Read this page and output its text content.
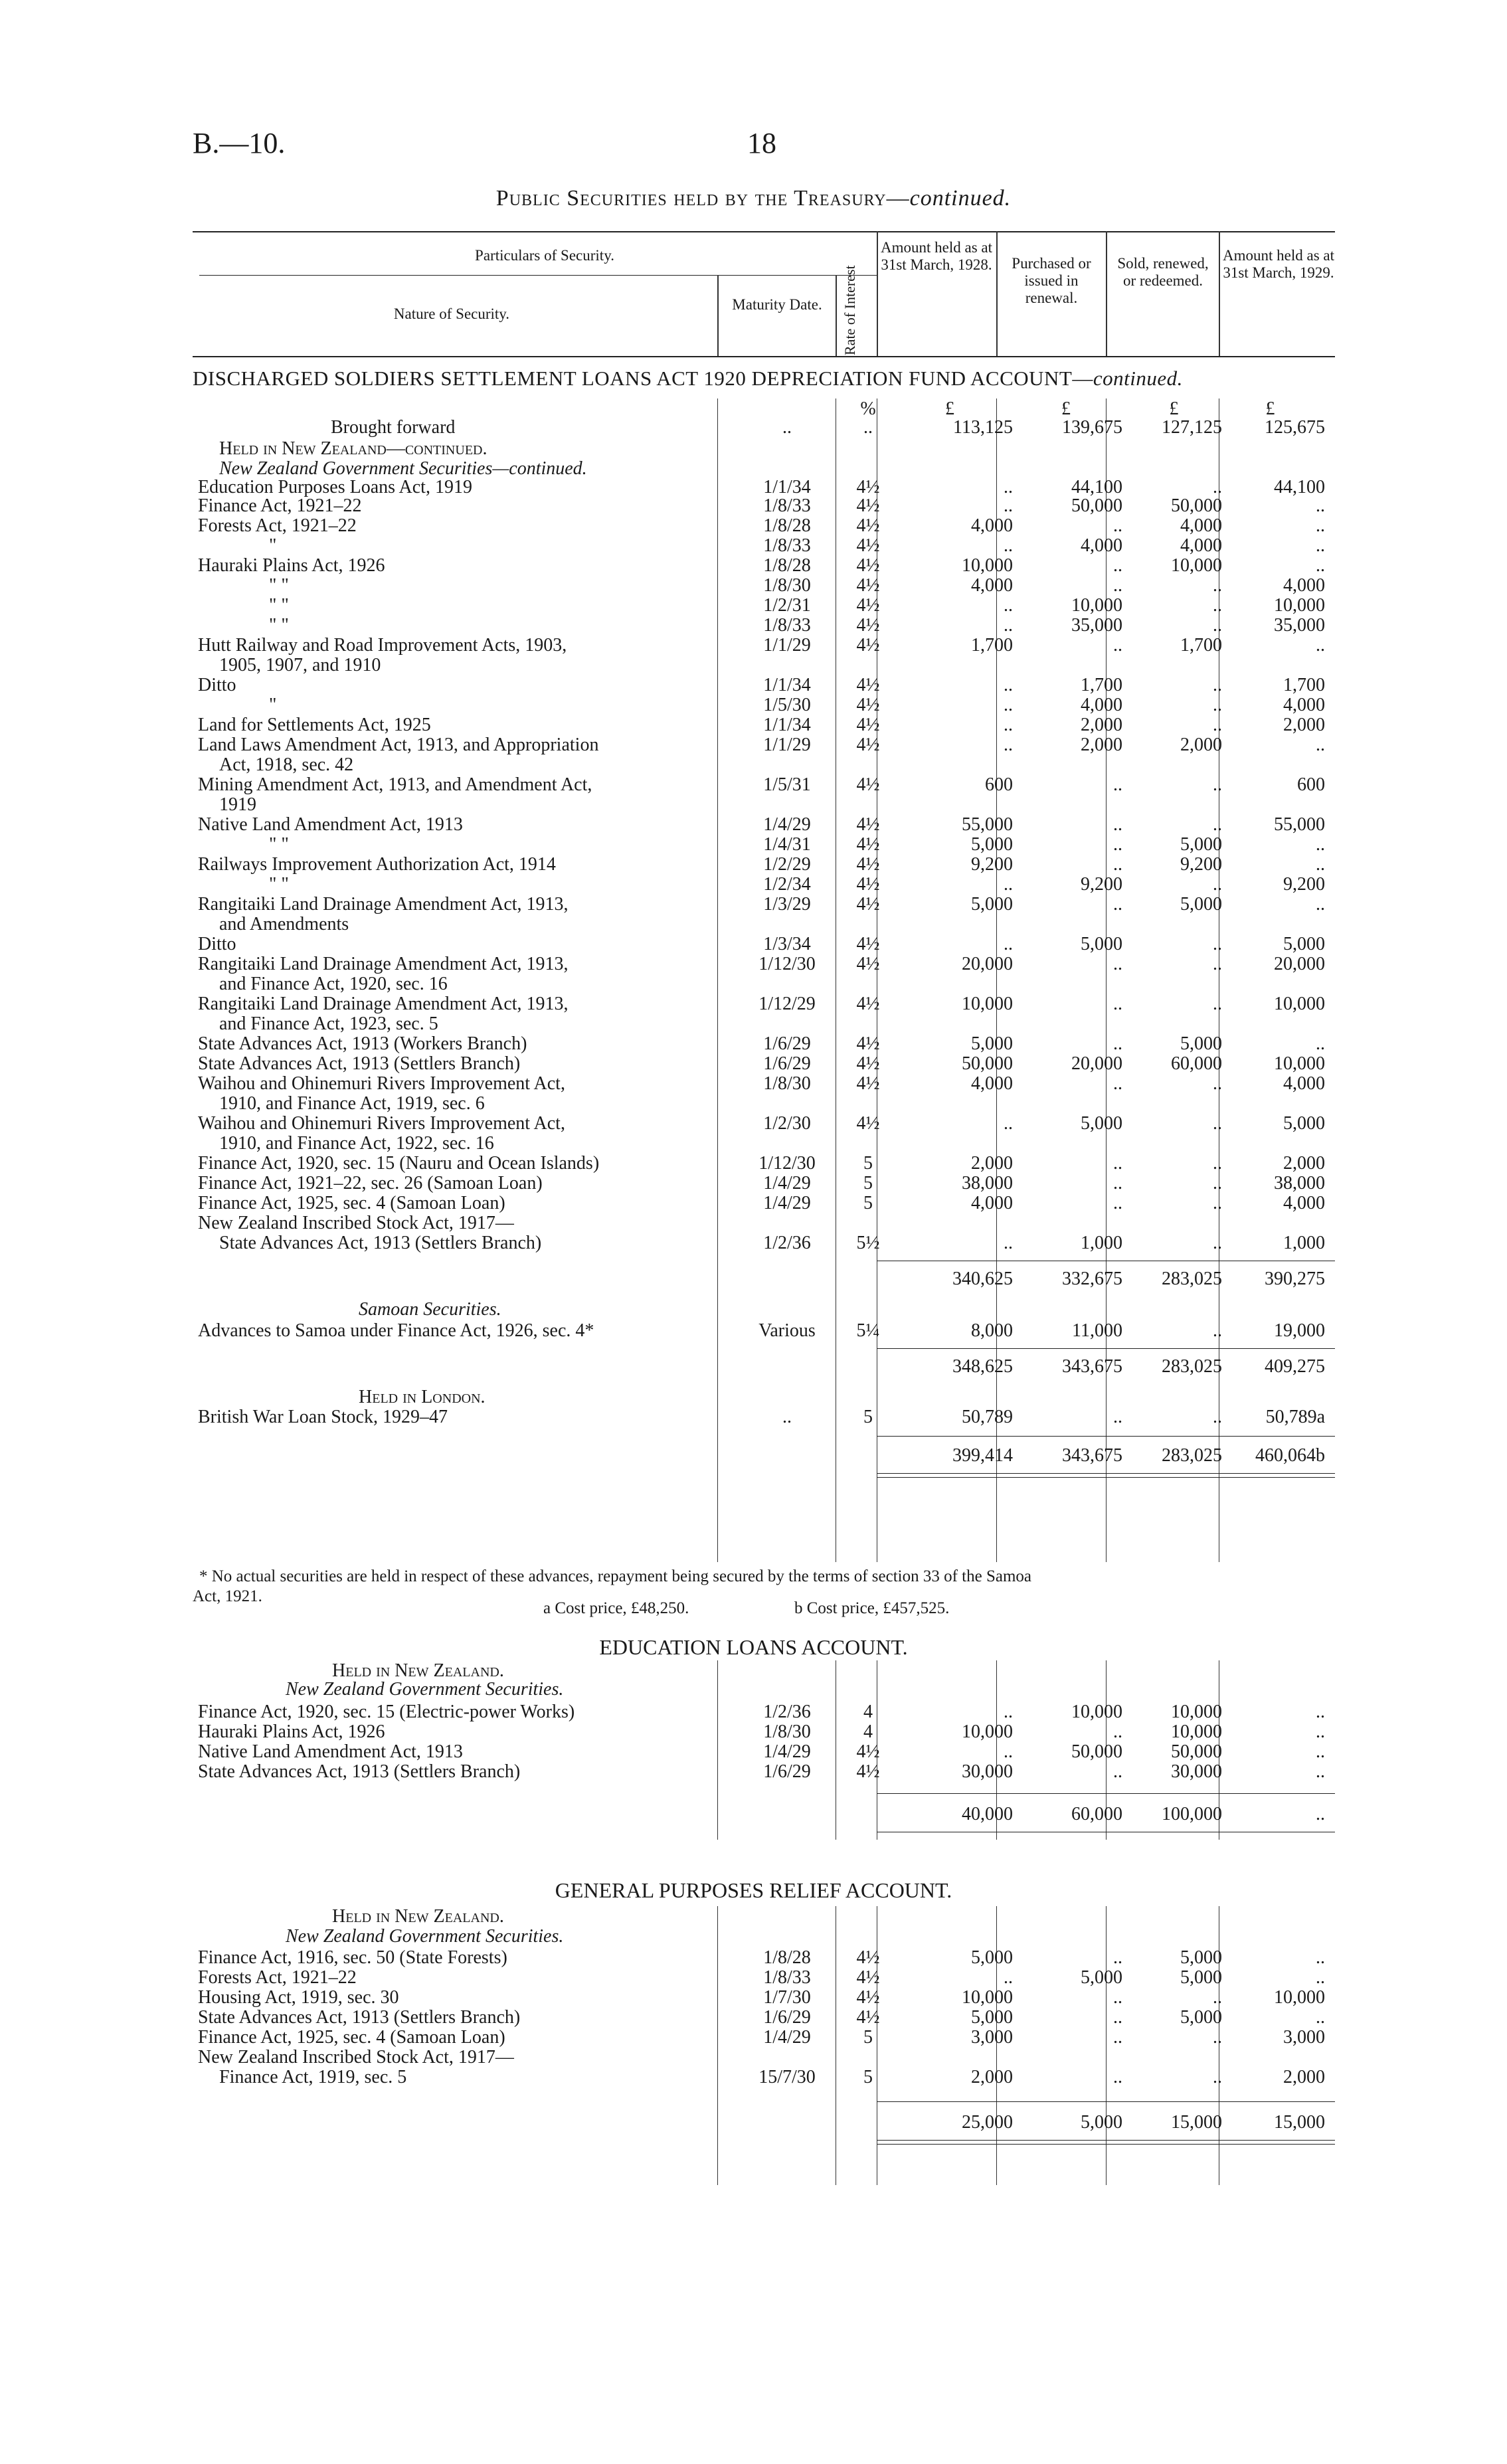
B.—10.	18
Public Securities held by the Treasury—continued.
Particulars of Security.
Nature of Security.
Maturity Date.	Rate of Interest
Amount held as at 31st March, 1928.	Purchased or issued in renewal.
Sold, renewed, or redeemed.
Amount held as at 31st March, 1929.
DISCHARGED SOLDIERS SETTLEMENT LOANS ACT 1920 DEPRECIATION FUND ACCOUNT—continued.
%	£	£	£	£
Brought forward	..	..	113,125	139,675	127,125	125,675
Held in New Zealand—continued.
New Zealand Government Securities—continued.
Education Purposes Loans Act, 1919	1/1/34	4½	..	44,100	..	44,100
Finance Act, 1921–22	1/8/33	4½	..	50,000	50,000	..
Forests Act, 1921–22	1/8/28	4½	4,000	..	4,000	..
"	1/8/33	4½	..	4,000	4,000	..
Hauraki Plains Act, 1926	1/8/28	4½	10,000	..	10,000	..
" "	1/8/30	4½	4,000	..	..	4,000
" "	1/2/31	4½	..	10,000	..	10,000
" "	1/8/33	4½	..	35,000	..	35,000
Hutt Railway and Road Improvement Acts, 1903,	1/1/29	4½	1,700	..	1,700	..
1905, 1907, and 1910
Ditto	1/1/34	4½	..	1,700	..	1,700
"	1/5/30	4½	..	4,000	..	4,000
Land for Settlements Act, 1925	1/1/34	4½	..	2,000	..	2,000
Land Laws Amendment Act, 1913, and Appropriation	1/1/29	4½	..	2,000	2,000	..
Act, 1918, sec. 42
Mining Amendment Act, 1913, and Amendment Act,	1/5/31	4½	600	..	..	600
1919
Native Land Amendment Act, 1913	1/4/29	4½	55,000	..	..	55,000
" "	1/4/31	4½	5,000	..	5,000	..
Railways Improvement Authorization Act, 1914	1/2/29	4½	9,200	..	9,200	..
" "	1/2/34	4½	..	9,200	..	9,200
Rangitaiki Land Drainage Amendment Act, 1913,	1/3/29	4½	5,000	..	5,000	..
and Amendments
Ditto	1/3/34	4½	..	5,000	..	5,000
Rangitaiki Land Drainage Amendment Act, 1913,	1/12/30	4½	20,000	..	..	20,000
and Finance Act, 1920, sec. 16
Rangitaiki Land Drainage Amendment Act, 1913,	1/12/29	4½	10,000	..	..	10,000
and Finance Act, 1923, sec. 5
State Advances Act, 1913 (Workers Branch)	1/6/29	4½	5,000	..	5,000	..
State Advances Act, 1913 (Settlers Branch)	1/6/29	4½	50,000	20,000	60,000	10,000
Waihou and Ohinemuri Rivers Improvement Act,	1/8/30	4½	4,000	..	..	4,000
1910, and Finance Act, 1919, sec. 6
Waihou and Ohinemuri Rivers Improvement Act,	1/2/30	4½	..	5,000	..	5,000
1910, and Finance Act, 1922, sec. 16
Finance Act, 1920, sec. 15 (Nauru and Ocean Islands)	1/12/30	5	2,000	..	..	2,000
Finance Act, 1921–22, sec. 26 (Samoan Loan)	1/4/29	5	38,000	..	..	38,000
Finance Act, 1925, sec. 4 (Samoan Loan)	1/4/29	5	4,000	..	..	4,000
New Zealand Inscribed Stock Act, 1917—
State Advances Act, 1913 (Settlers Branch)	1/2/36	5½	..	1,000	..	1,000
340,625	332,675	283,025	390,275
Samoan Securities.
Advances to Samoa under Finance Act, 1926, sec. 4*	Various	5¼	8,000	11,000	..	19,000
348,625	343,675	283,025	409,275
Held in London.
British War Loan Stock, 1929–47	..	5	50,789	..	..	50,789a
399,414	343,675	283,025	460,064b
EDUCATION LOANS ACCOUNT.
Held in New Zealand.
New Zealand Government Securities.
Finance Act, 1920, sec. 15 (Electric-power Works)	1/2/36	4	..	10,000	10,000	..
Hauraki Plains Act, 1926	1/8/30	4	10,000	..	10,000	..
Native Land Amendment Act, 1913	1/4/29	4½	..	50,000	50,000	..
State Advances Act, 1913 (Settlers Branch)	1/6/29	4½	30,000	..	30,000	..
40,000	60,000	100,000	..
GENERAL PURPOSES RELIEF ACCOUNT.
Held in New Zealand.
New Zealand Government Securities.
Finance Act, 1916, sec. 50 (State Forests)	1/8/28	4½	5,000	..	5,000	..
Forests Act, 1921–22	1/8/33	4½	..	5,000	5,000	..
Housing Act, 1919, sec. 30	1/7/30	4½	10,000	..	..	10,000
State Advances Act, 1913 (Settlers Branch)	1/6/29	4½	5,000	..	5,000	..
Finance Act, 1925, sec. 4 (Samoan Loan)	1/4/29	5	3,000	..	..	3,000
New Zealand Inscribed Stock Act, 1917—
Finance Act, 1919, sec. 5	15/7/30	5	2,000	..	..	2,000
25,000	5,000	15,000	15,000
* No actual securities are held in respect of these advances, repayment being secured by the terms of section 33 of the Samoa
Act, 1921.
a Cost price, £48,250.	b Cost price, £457,525.
